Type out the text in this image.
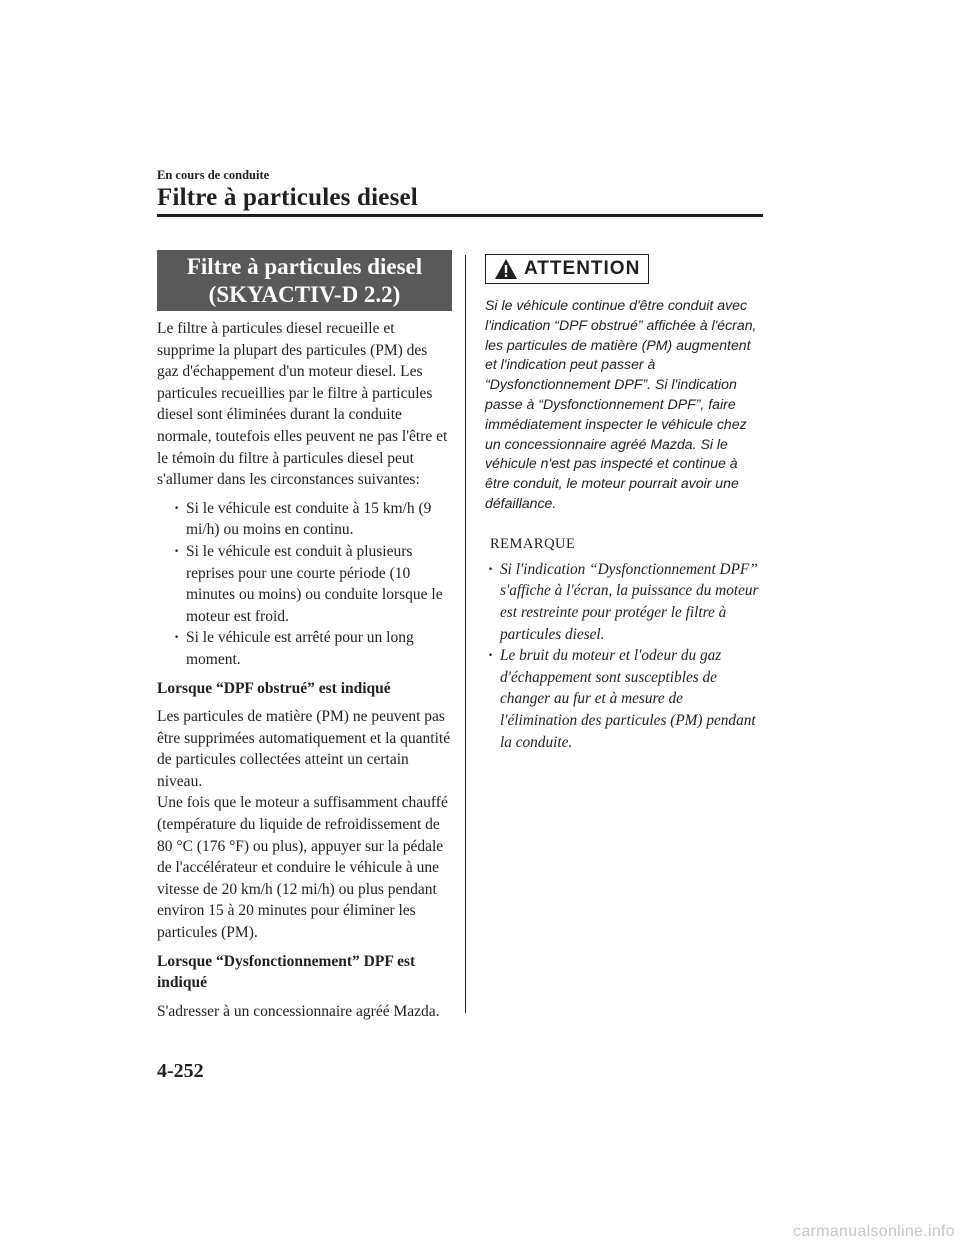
En cours de conduite
Filtre à particules diesel
Filtre à particules diesel
(SKYACTIV-D 2.2)

Le filtre à particules diesel recueille et supprime la plupart des particules (PM) des gaz d'échappement d'un moteur diesel. Les particules recueillies par le filtre à particules diesel sont éliminées durant la conduite normale, toutefois elles peuvent ne pas l'être et le témoin du filtre à particules diesel peut s'allumer dans les circonstances suivantes:

· Si le véhicule est conduite à 15 km/h (9 mi/h) ou moins en continu.
· Si le véhicule est conduit à plusieurs reprises pour une courte période (10 minutes ou moins) ou conduite lorsque le moteur est froid.
· Si le véhicule est arrêté pour un long moment.

Lorsque “DPF obstrué” est indiqué

Les particules de matière (PM) ne peuvent pas être supprimées automatiquement et la quantité de particules collectées atteint un certain niveau.

Une fois que le moteur a suffisamment chauffé (température du liquide de refroidissement de 80 °C (176 °F) ou plus), appuyer sur la pédale de l'accélérateur et conduire le véhicule à une vitesse de 20 km/h (12 mi/h) ou plus pendant environ 15 à 20 minutes pour éliminer les particules (PM).

Lorsque “Dysfonctionnement” DPF est indiqué

S'adresser à un concessionnaire agréé Mazda.

ATTENTION

Si le véhicule continue d'être conduit avec l'indication “DPF obstrué” affichée à l'écran, les particules de matière (PM) augmentent et l'indication peut passer à “Dysfonctionnement DPF”. Si l'indication passe à “Dysfonctionnement DPF”, faire immédiatement inspecter le véhicule chez un concessionnaire agréé Mazda. Si le véhicule n'est pas inspecté et continue à être conduit, le moteur pourrait avoir une défaillance.

REMARQUE
· Si l'indication “Dysfonctionnement DPF” s'affiche à l'écran, la puissance du moteur est restreinte pour protéger le filtre à particules diesel.
· Le bruit du moteur et l'odeur du gaz d'échappement sont susceptibles de changer au fur et à mesure de l'élimination des particules (PM) pendant la conduite.
4-252
carmanualsonline.info
